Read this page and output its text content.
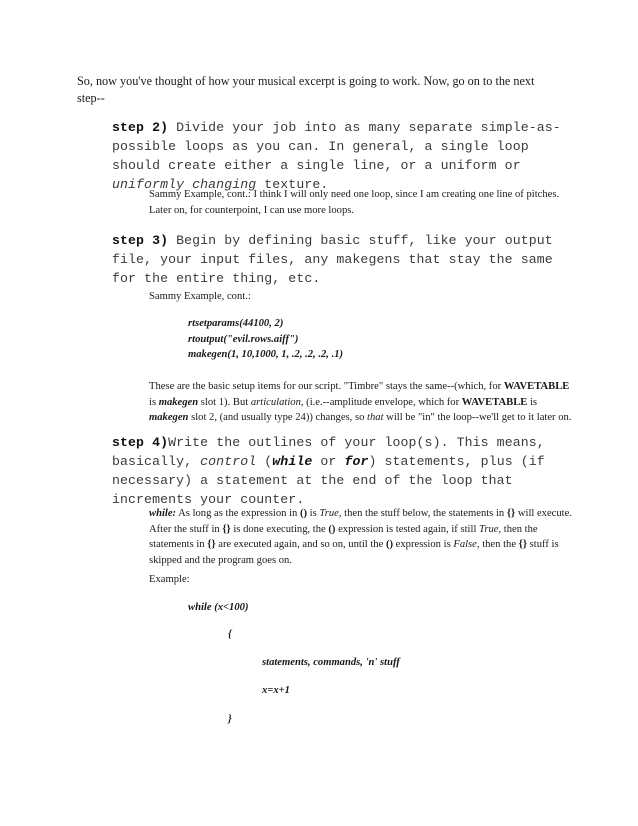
So, now you've thought of how your musical excerpt is going to work. Now, go on to the next
step--
step 2) Divide your job into as many separate simple-as-possible loops as you can. In general, a single loop should create either a single line, or a uniform or uniformly changing texture.
Sammy Example, cont.: I think I will only need one loop, since I am creating one line of pitches. Later on, for counterpoint, I can use more loops.
step 3) Begin by defining basic stuff, like your output file, your input files, any makegens that stay the same for the entire thing, etc.
Sammy Example, cont.:
rtsetparams(44100, 2)
rtoutput("evil.rows.aiff")
makegen(1, 10,1000, 1, .2, .2, .2, .1)
These are the basic setup items for our script. "Timbre" stays the same--(which, for WAVETABLE is makegen slot 1). But articulation, (i.e.--amplitude envelope, which for WAVETABLE is makegen slot 2, (and usually type 24)) changes, so that will be "in" the loop--we'll get to it later on.
step 4)Write the outlines of your loop(s). This means, basically, control (while or for) statements, plus (if necessary) a statement at the end of the loop that increments your counter.
while: As long as the expression in () is True, then the stuff below, the statements in {} will execute. After the stuff in {} is done executing, the () expression is tested again, if still True, then the statements in {} are executed again, and so on, until the () expression is False, then the {} stuff is skipped and the program goes on.
Example:
while (x<100)
{
statements, commands, 'n' stuff
x=x+1
}
